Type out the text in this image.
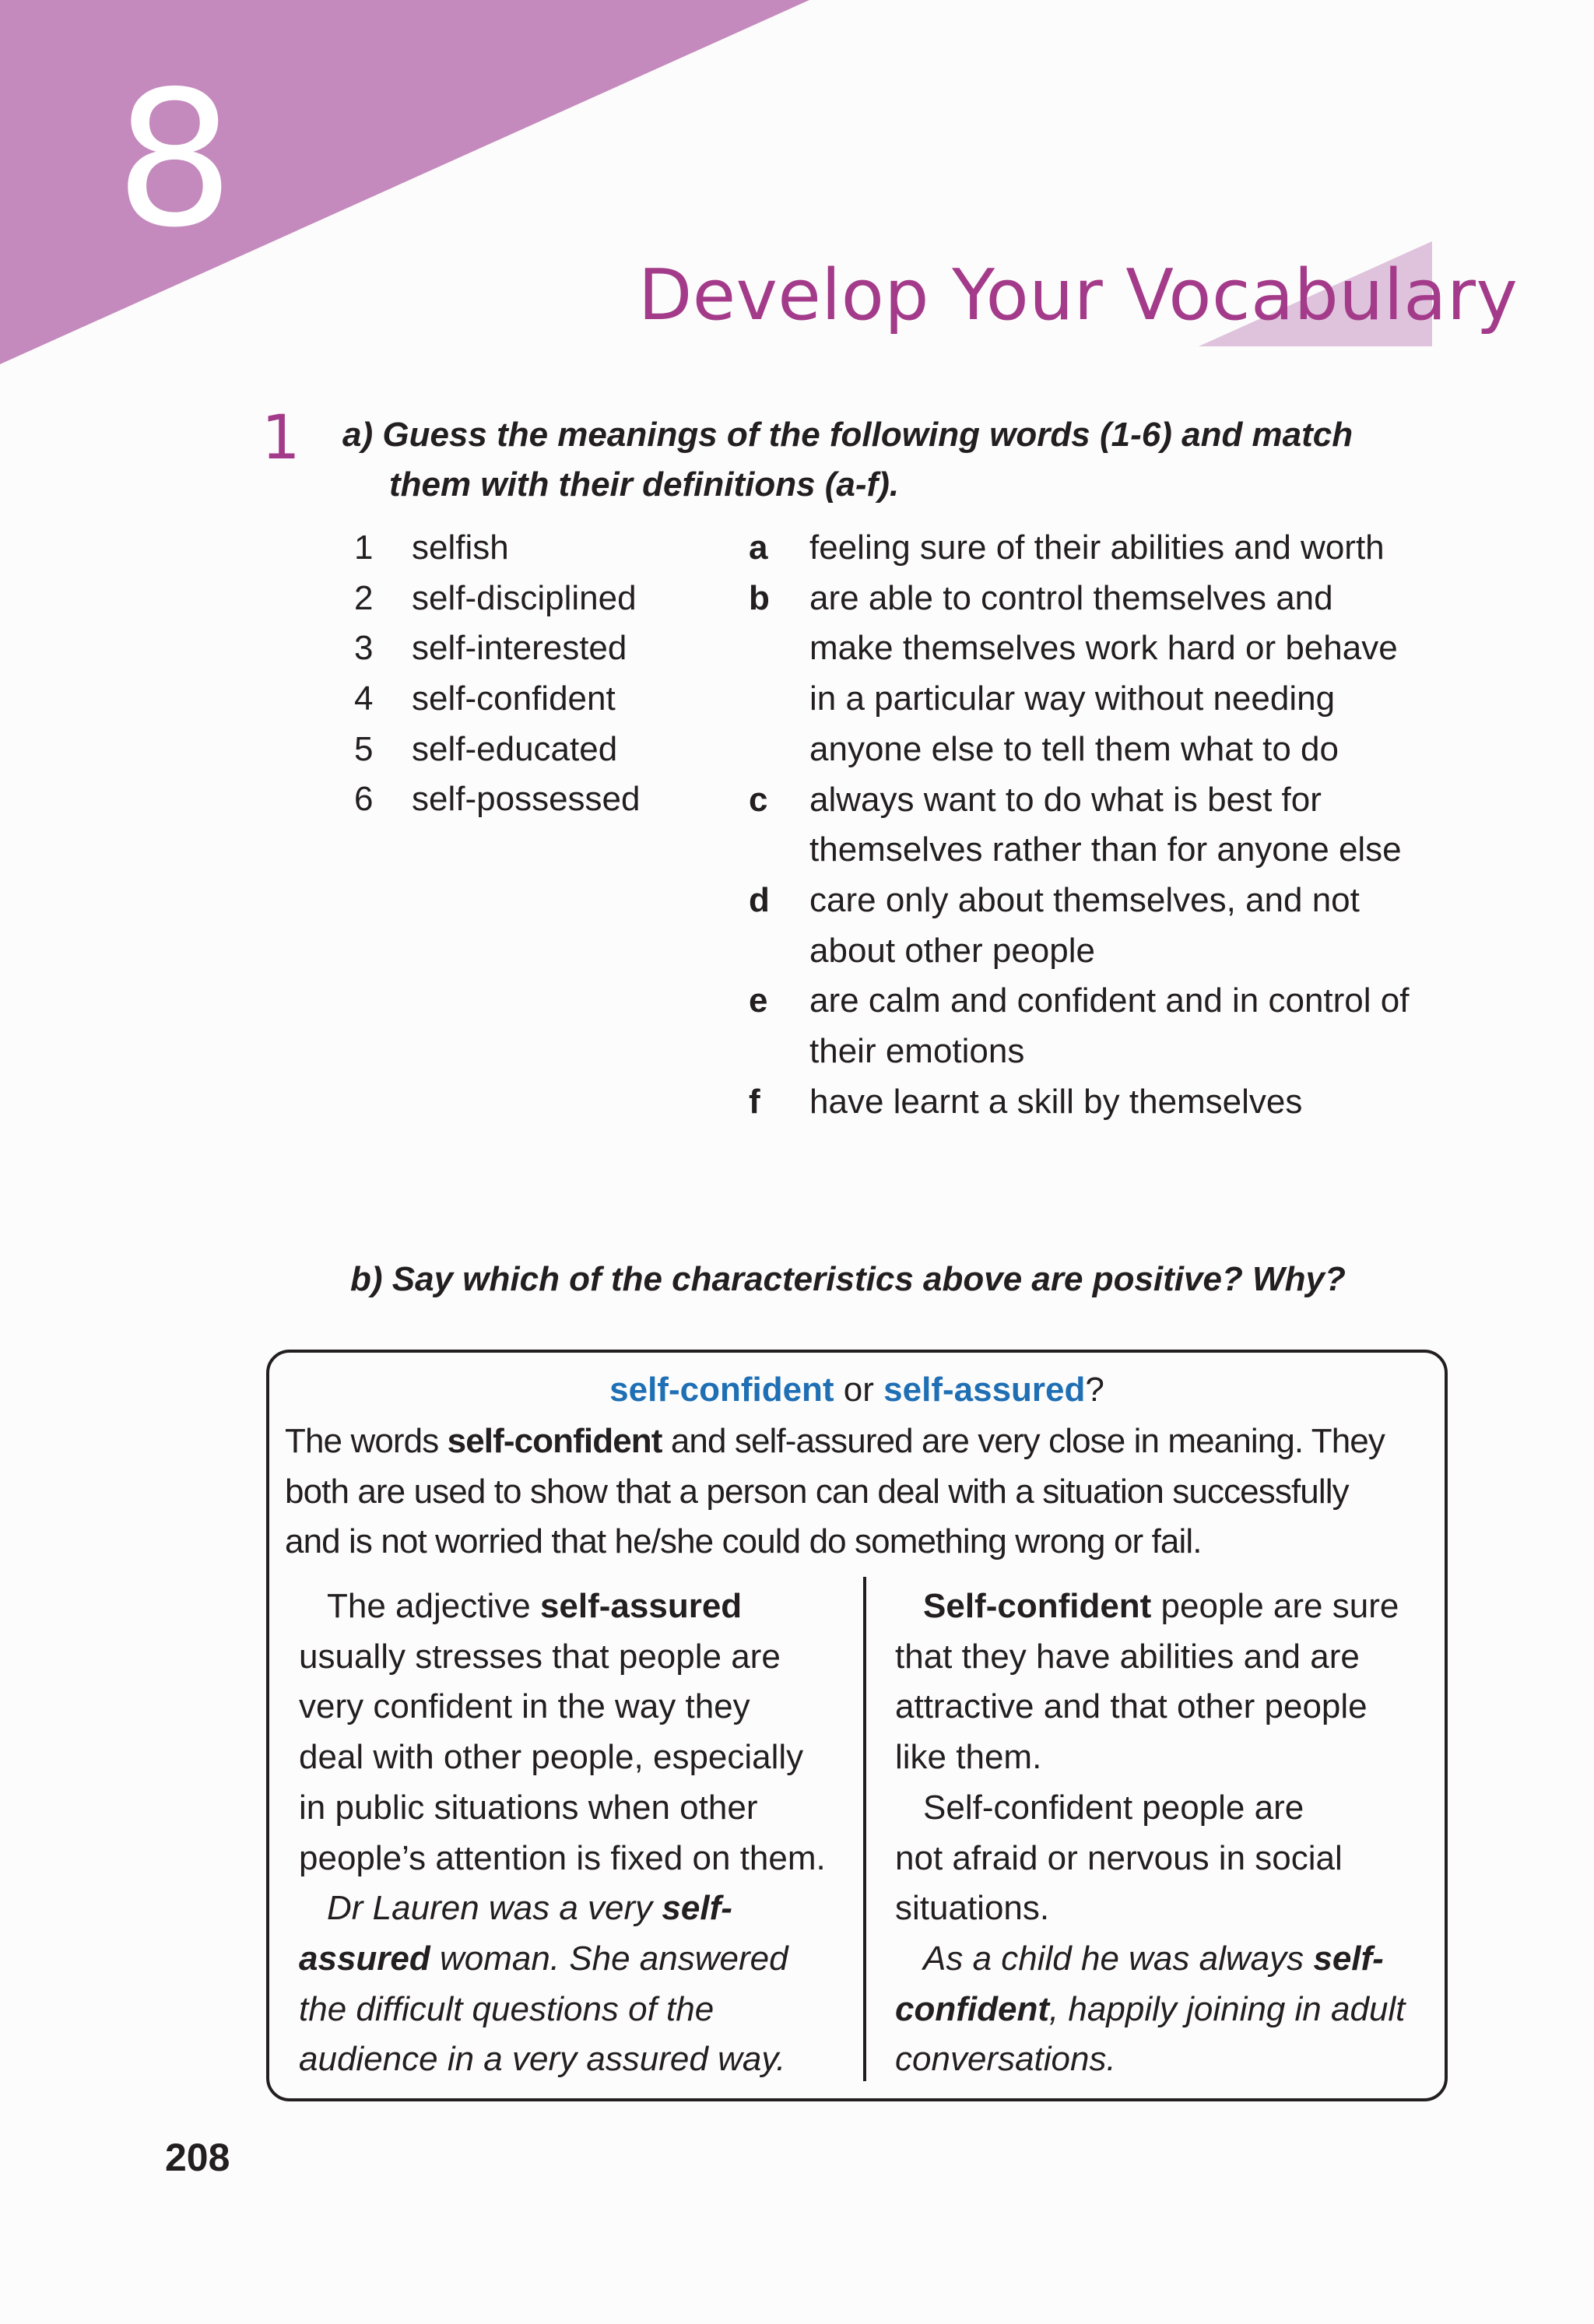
8
Develop Your Vocabulary
1 a) Guess the meanings of the following words (1-6) and match
them with their definitions (a-f).
1	selfish
2	self-disciplined
3	self-interested
4	self-confident
5	self-educated
6	self-possessed
a	feeling sure of their abilities and worth
b	are able to control themselves and make themselves work hard or behave in a particular way without needing anyone else to tell them what to do
c	always want to do what is best for themselves rather than for anyone else
d	care only about themselves, and not about other people
e	are calm and confident and in control of their emotions
f	have learnt a skill by themselves
b) Say which of the characteristics above are positive? Why?
self-confident or self-assured?
The words self-confident and self-assured are very close in meaning. They
both are used to show that a person can deal with a situation successfully
and is not worried that he/she could do something wrong or fail.
The adjective self-assured
usually stresses that people are
very confident in the way they
deal with other people, especially
in public situations when other
people’s attention is fixed on them.
Dr Lauren was a very self-
assured woman. She answered
the difficult questions of the
audience in a very assured way.
Self-confident people are sure
that they have abilities and are
attractive and that other people
like them.
Self-confident people are
not afraid or nervous in social
situations.
As a child he was always self-
confident, happily joining in adult
conversations.
208
